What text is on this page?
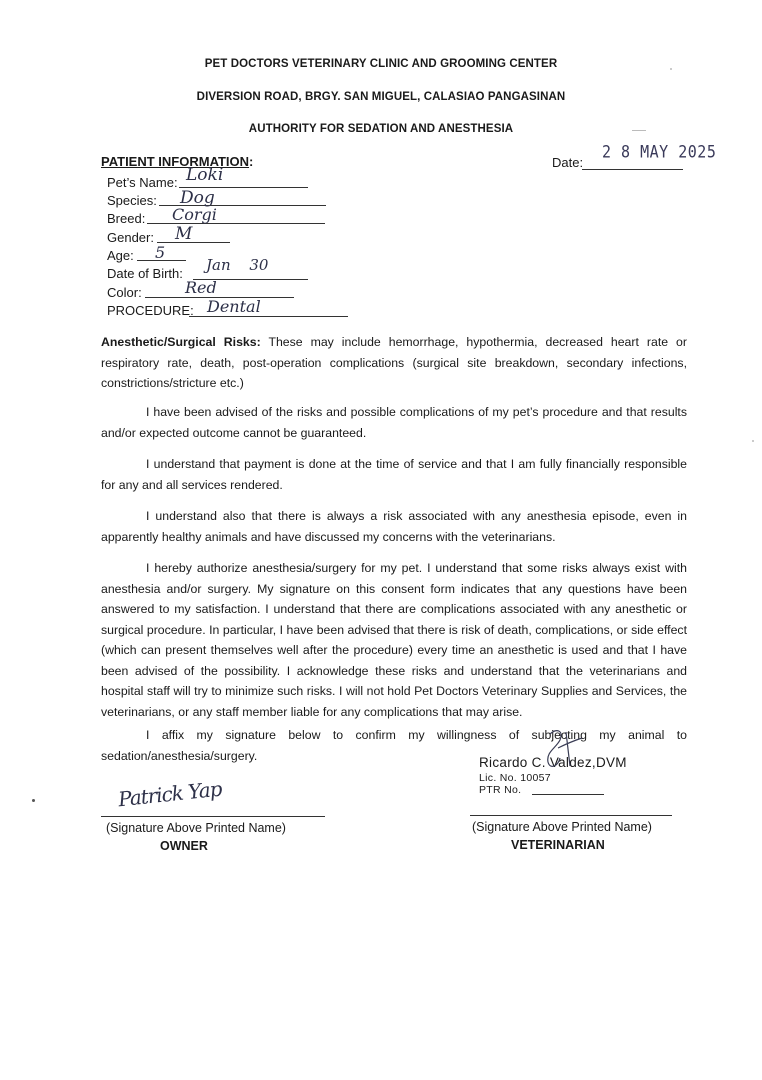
PET DOCTORS VETERINARY CLINIC AND GROOMING CENTER
DIVERSION ROAD, BRGY. SAN MIGUEL, CALASIAO PANGASINAN
AUTHORITY FOR SEDATION AND ANESTHESIA
PATIENT INFORMATION:	Date:
2 8 MAY 2025
Pet’s Name: Loki
Species: Dog
Breed: Corgi
Gender: M
Age: 5
Date of Birth: Jan 30
Color:	Red
PROCEDURE: Dental
Anesthetic/Surgical Risks: These may include hemorrhage, hypothermia, decreased heart rate or respiratory rate, death, post-operation complications (surgical site breakdown, secondary infections, constrictions/stricture etc.)
I have been advised of the risks and possible complications of my pet’s procedure and that results and/or expected outcome cannot be guaranteed.
I understand that payment is done at the time of service and that I am fully financially responsible for any and all services rendered.
I understand also that there is always a risk associated with any anesthesia episode, even in apparently healthy animals and have discussed my concerns with the veterinarians.
I hereby authorize anesthesia/surgery for my pet. I understand that some risks always exist with anesthesia and/or surgery. My signature on this consent form indicates that any questions have been answered to my satisfaction. I understand that there are complications associated with any anesthetic or surgical procedure. In particular, I have been advised that there is risk of death, complications, or side effect (which can present themselves well after the procedure) every time an anesthetic is used and that I have been advised of the possibility. I acknowledge these risks and understand that the veterinarians and hospital staff will try to minimize such risks. I will not hold Pet Doctors Veterinary Supplies and Services, the veterinarians, or any staff member liable for any complications that may arise.
I affix my signature below to confirm my willingness of subjecting my animal to sedation/anesthesia/surgery.	Ricardo C. Valdez,DVM
Lic. No. 10057
PTR No.
Patrick Yap
(Signature Above Printed Name)
OWNER
(Signature Above Printed Name)
VETERINARIAN
